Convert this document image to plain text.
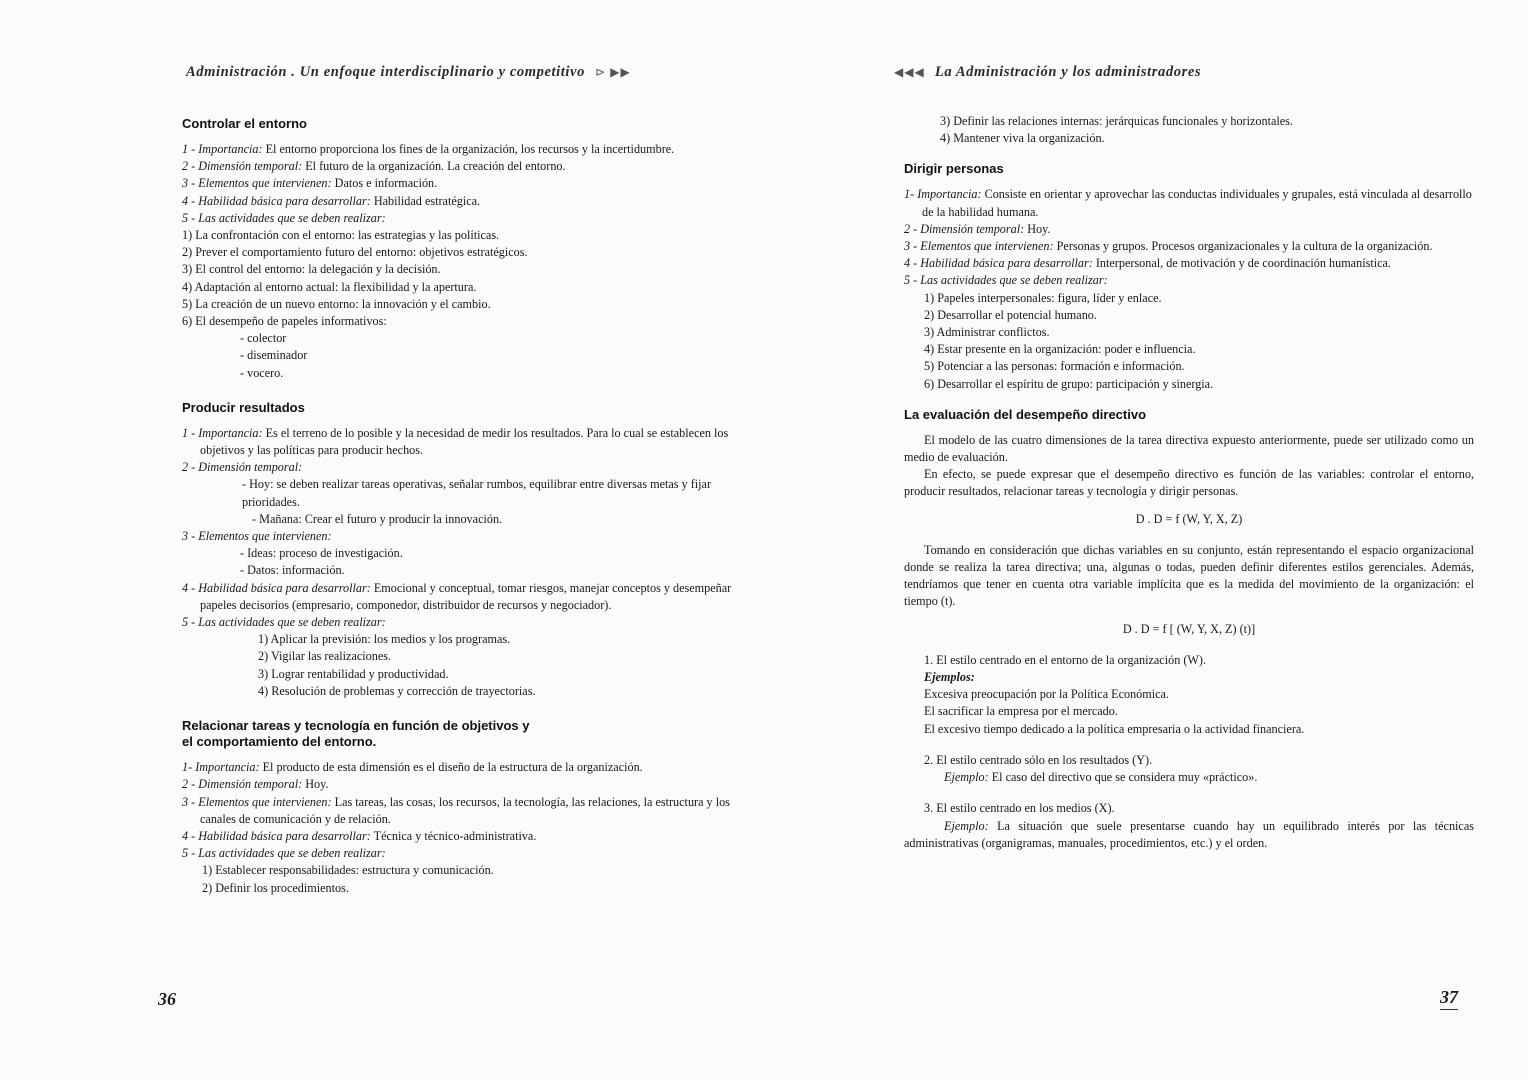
Administración . Un enfoque interdisciplinario y competitivo ⊳ ▶▶
Controlar el entorno

1 - Importancia: El entorno proporciona los fines de la organización, los recursos y la incertidumbre.

2 - Dimensión temporal: El futuro de la organización. La creación del entorno.

3 - Elementos que intervienen: Datos e información.

4 - Habilidad básica para desarrollar: Habilidad estratégica.

5 - Las actividades que se deben realizar:

1) La confrontación con el entorno: las estrategias y las políticas.

2) Prever el comportamiento futuro del entorno: objetivos estratégicos.

3) El control del entorno: la delegación y la decisión.

4) Adaptación al entorno actual: la flexibilidad y la apertura.

5) La creación de un nuevo entorno: la innovación y el cambio.

6) El desempeño de papeles informativos:

- colector

- diseminador

- vocero.

Producir resultados

1 - Importancia: Es el terreno de lo posible y la necesidad de medir los resultados. Para lo cual se establecen los objetivos y las políticas para producir hechos.

2 - Dimensión temporal:

- Hoy: se deben realizar tareas operativas, señalar rumbos, equilibrar entre diversas metas y fijar prioridades.

- Mañana: Crear el futuro y producir la innovación.

3 - Elementos que intervienen:

- Ideas: proceso de investigación.

- Datos: información.

4 - Habilidad básica para desarrollar: Emocional y conceptual, tomar riesgos, manejar conceptos y desempeñar papeles decisorios (empresario, componedor, distribuidor de recursos y negociador).

5 - Las actividades que se deben realizar:

1) Aplicar la previsión: los medios y los programas.

2) Vigilar las realizaciones.

3) Lograr rentabilidad y productividad.

4) Resolución de problemas y corrección de trayectorias.

Relacionar tareas y tecnología en función de objetivos y
el comportamiento del entorno.

1- Importancia: El producto de esta dimensión es el diseño de la estructura de la organización.

2 - Dimensión temporal: Hoy.

3 - Elementos que intervienen: Las tareas, las cosas, los recursos, la tecnología, las relaciones, la estructura y los canales de comunicación y de relación.

4 - Habilidad básica para desarrollar: Técnica y técnico-administrativa.

5 - Las actividades que se deben realizar:

1) Establecer responsabilidades: estructura y comunicación.

2) Definir los procedimientos.

36
◀◀◀ La Administración y los administradores

3) Definir las relaciones internas: jerárquicas funcionales y horizontales.

4) Mantener viva la organización.

Dirigir personas

1- Importancia: Consiste en orientar y aprovechar las conductas individuales y grupales, está vinculada al desarrollo de la habilidad humana.

2 - Dimensión temporal: Hoy.

3 - Elementos que intervienen: Personas y grupos. Procesos organizacionales y la cultura de la organización.

4 - Habilidad básica para desarrollar: Interpersonal, de motivación y de coordinación humanística.

5 - Las actividades que se deben realizar:

1) Papeles interpersonales: figura, líder y enlace.

2) Desarrollar el potencial humano.

3) Administrar conflictos.

4) Estar presente en la organización: poder e influencia.

5) Potenciar a las personas: formación e información.

6) Desarrollar el espíritu de grupo: participación y sinergia.

La evaluación del desempeño directivo

El modelo de las cuatro dimensiones de la tarea directiva expuesto anteriormente, puede ser utilizado como un medio de evaluación.

En efecto, se puede expresar que el desempeño directivo es función de las variables: controlar el entorno, producir resultados, relacionar tareas y tecnología y dirigir personas.

D . D = f (W, Y, X, Z)

Tomando en consideración que dichas variables en su conjunto, están representando el espacio organizacional donde se realiza la tarea directiva; una, algunas o todas, pueden definir diferentes estilos gerenciales. Además, tendríamos que tener en cuenta otra variable implícita que es la medida del movimiento de la organización: el tiempo (t).

D . D = f [ (W, Y, X, Z) (t)]

1. El estilo centrado en el entorno de la organización (W).

Ejemplos:

Excesiva preocupación por la Política Económica.

El sacrificar la empresa por el mercado.

El excesivo tiempo dedicado a la política empresaria o la actividad financiera.

2. El estilo centrado sólo en los resultados (Y).

Ejemplo: El caso del directivo que se considera muy «práctico».

3. El estilo centrado en los medios (X).

Ejemplo: La situación que suele presentarse cuando hay un equilibrado interés por las técnicas administrativas (organigramas, manuales, procedimientos, etc.) y el orden.

37
